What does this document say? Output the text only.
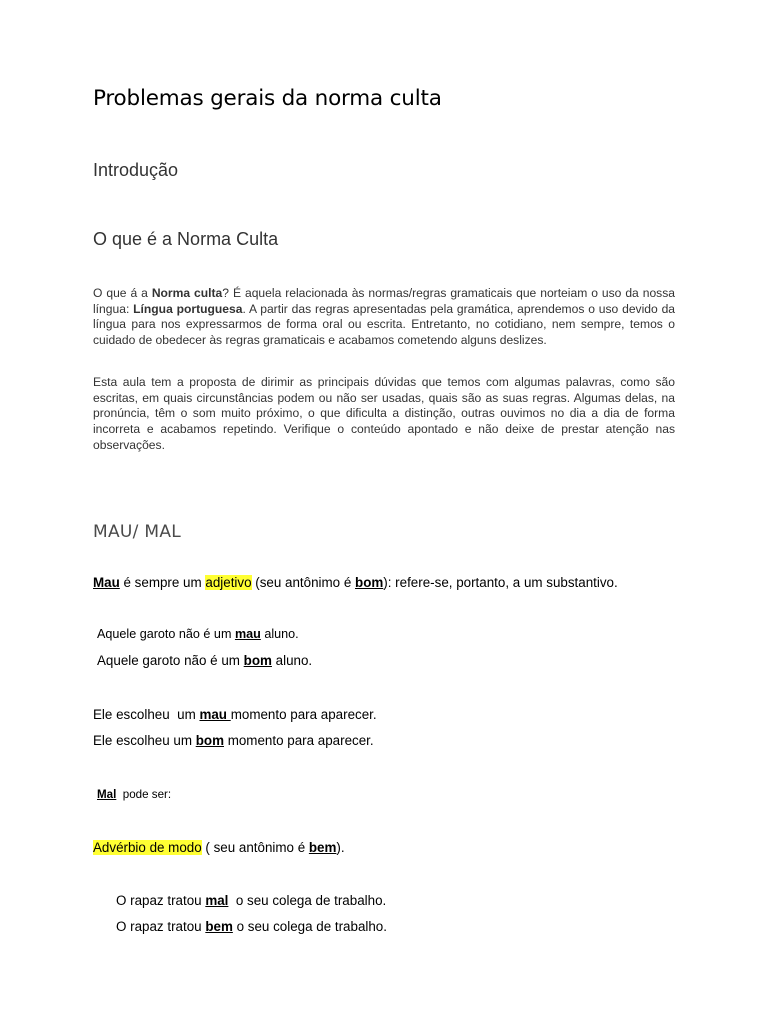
Problemas gerais da norma culta
Introdução
O que é a Norma Culta
O que á a Norma culta? É aquela relacionada às normas/regras gramaticais que norteiam o uso da nossa língua: Língua portuguesa. A partir das regras apresentadas pela gramática, aprendemos o uso devido da língua para nos expressarmos de forma oral ou escrita. Entretanto, no cotidiano, nem sempre, temos o cuidado de obedecer às regras gramaticais e acabamos cometendo alguns deslizes.
Esta aula tem a proposta de dirimir as principais dúvidas que temos com algumas palavras, como são escritas, em quais circunstâncias podem ou não ser usadas, quais são as suas regras. Algumas delas, na pronúncia, têm o som muito próximo, o que dificulta a distinção, outras ouvimos no dia a dia de forma incorreta e acabamos repetindo. Verifique o conteúdo apontado e não deixe de prestar atenção nas observações.
MAU/ MAL
Mau é sempre um adjetivo (seu antônimo é bom): refere-se, portanto, a um substantivo.
Aquele garoto não é um mau aluno.
Aquele garoto não é um bom aluno.
Ele escolheu  um mau momento para aparecer.
Ele escolheu um bom momento para aparecer.
Mal  pode ser:
Advérbio de modo ( seu antônimo é bem).
O rapaz tratou mal  o seu colega de trabalho.
O rapaz tratou bem o seu colega de trabalho.
